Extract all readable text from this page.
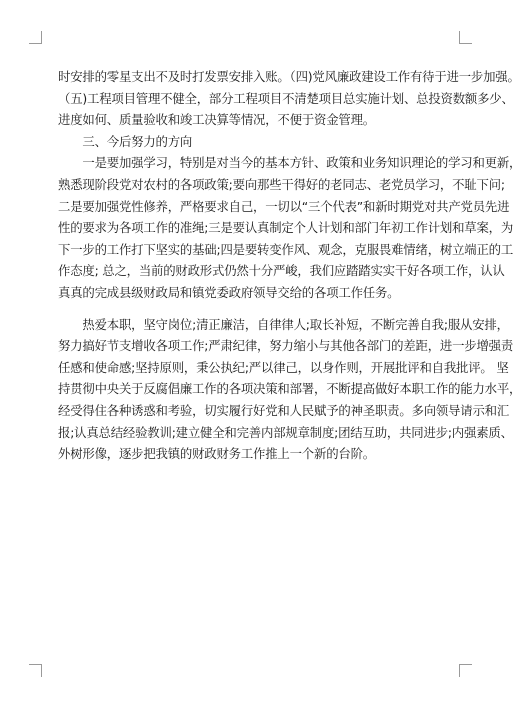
时安排的零星支出不及时打发票安排入账。（四)党风廉政建设工作有待于进一步加强。
（五)工程项目管理不健全，部分工程项目不清楚项目总实施计划、总投资数额多少、
进度如何、质量验收和竣工决算等情况，不便于资金管理。
　　三、今后努力的方向
　　一是要加强学习，特别是对当今的基本方针、政策和业务知识理论的学习和更新，
熟悉现阶段党对农村的各项政策;要向那些干得好的老同志、老党员学习，不耻下问;
二是要加强党性修养，严格要求自己，一切以“三个代表”和新时期党对共产党员先进
性的要求为各项工作的准绳;三是要认真制定个人计划和部门年初工作计划和草案，为
下一步的工作打下坚实的基础;四是要转变作风、观念，克服畏难情绪，树立端正的工
作态度; 总之，当前的财政形式仍然十分严峻，我们应踏踏实实干好各项工作，认认
真真的完成县级财政局和镇党委政府领导交给的各项工作任务。
　　热爱本职，坚守岗位;清正廉洁，自律律人;取长补短，不断完善自我;服从安排，
努力搞好节支增收各项工作;严肃纪律，努力缩小与其他各部门的差距，进一步增强责
任感和使命感;坚持原则，秉公执纪;严以律己，以身作则，开展批评和自我批评。 坚
持贯彻中央关于反腐倡廉工作的各项决策和部署，不断提高做好本职工作的能力水平，
经受得住各种诱惑和考验，切实履行好党和人民赋予的神圣职责。多向领导请示和汇
报;认真总结经验教训;建立健全和完善内部规章制度;团结互助，共同进步;内强素质、
外树形像，逐步把我镇的财政财务工作推上一个新的台阶。
